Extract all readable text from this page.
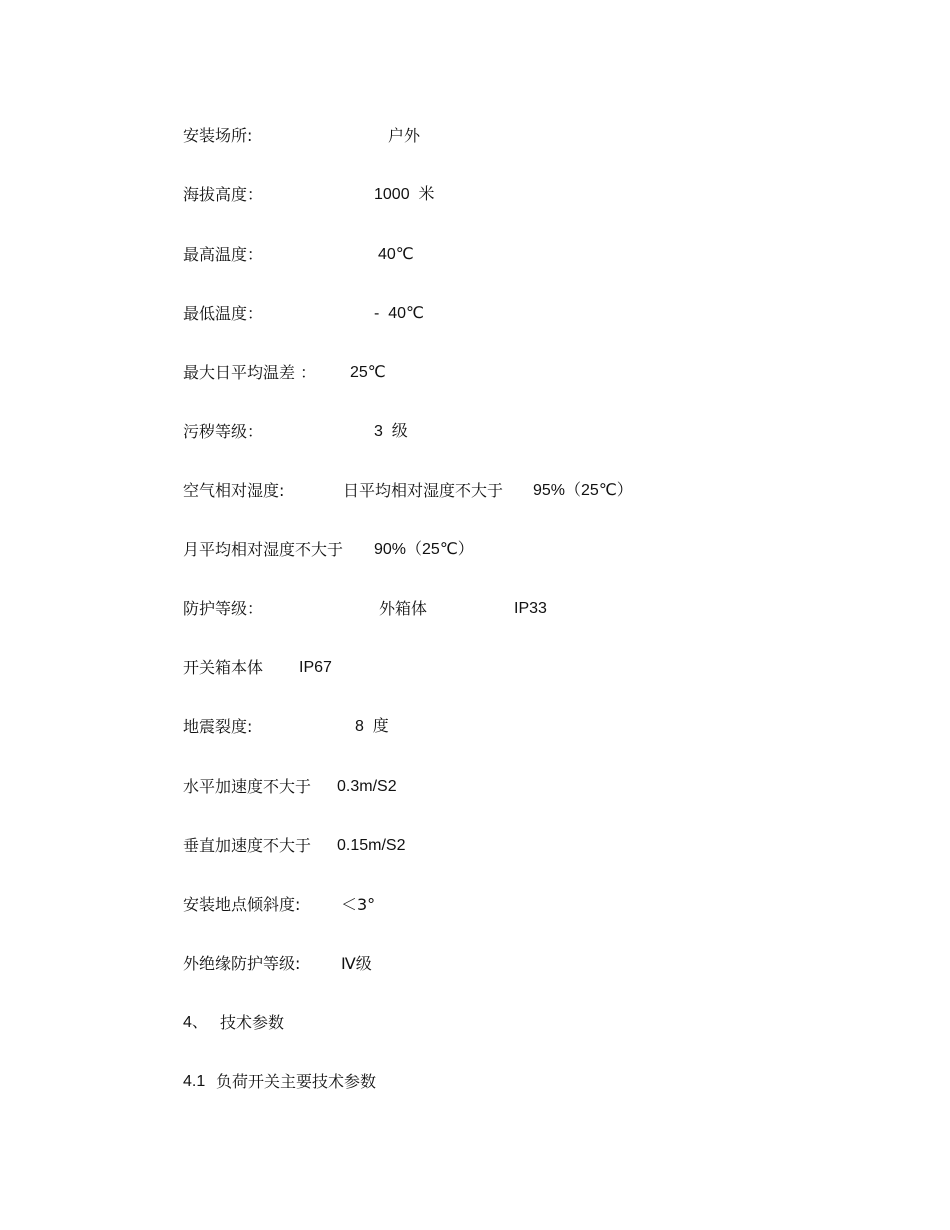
安装场所:	户外
海拔高度：	1000  米
最高温度：	40℃
最低温度：	-  40℃
最大日平均温差 ： 25℃
污秽等级：	3  级
空气相对湿度:	日平均相对湿度不大于 95%（25℃）
月平均相对湿度不大于 90%（25℃）
防护等级：	外箱体	IP33
开关箱本体 IP67
地震裂度:	8  度
水平加速度不大于 0.3m/S2
垂直加速度不大于 0.15m/S2
安装地点倾斜度:	＜3°
外绝缘防护等级:	Ⅳ级
4、 技术参数
4.1 负荷开关主要技术参数
